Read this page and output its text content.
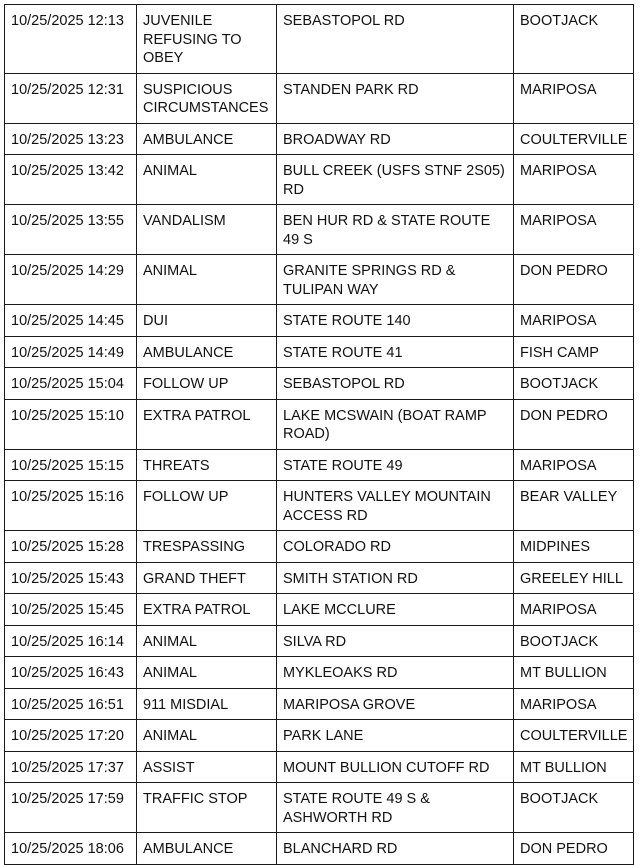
10/25/2025 12:13	JUVENILE REFUSING TO OBEY	SEBASTOPOL RD	BOOTJACK
10/25/2025 12:31	SUSPICIOUS CIRCUMSTANCES	STANDEN PARK RD	MARIPOSA
10/25/2025 13:23	AMBULANCE	BROADWAY RD	COULTERVILLE
10/25/2025 13:42	ANIMAL	BULL CREEK (USFS STNF 2S05) RD	MARIPOSA
10/25/2025 13:55	VANDALISM	BEN HUR RD & STATE ROUTE 49 S	MARIPOSA
10/25/2025 14:29	ANIMAL	GRANITE SPRINGS RD & TULIPAN WAY	DON PEDRO
10/25/2025 14:45	DUI	STATE ROUTE 140	MARIPOSA
10/25/2025 14:49	AMBULANCE	STATE ROUTE 41	FISH CAMP
10/25/2025 15:04	FOLLOW UP	SEBASTOPOL RD	BOOTJACK
10/25/2025 15:10	EXTRA PATROL	LAKE MCSWAIN (BOAT RAMP ROAD)	DON PEDRO
10/25/2025 15:15	THREATS	STATE ROUTE 49	MARIPOSA
10/25/2025 15:16	FOLLOW UP	HUNTERS VALLEY MOUNTAIN ACCESS RD	BEAR VALLEY
10/25/2025 15:28	TRESPASSING	COLORADO RD	MIDPINES
10/25/2025 15:43	GRAND THEFT	SMITH STATION RD	GREELEY HILL
10/25/2025 15:45	EXTRA PATROL	LAKE MCCLURE	MARIPOSA
10/25/2025 16:14	ANIMAL	SILVA RD	BOOTJACK
10/25/2025 16:43	ANIMAL	MYKLEOAKS RD	MT BULLION
10/25/2025 16:51	911 MISDIAL	MARIPOSA GROVE	MARIPOSA
10/25/2025 17:20	ANIMAL	PARK LANE	COULTERVILLE
10/25/2025 17:37	ASSIST	MOUNT BULLION CUTOFF RD	MT BULLION
10/25/2025 17:59	TRAFFIC STOP	STATE ROUTE 49 S & ASHWORTH RD	BOOTJACK
10/25/2025 18:06	AMBULANCE	BLANCHARD RD	DON PEDRO
